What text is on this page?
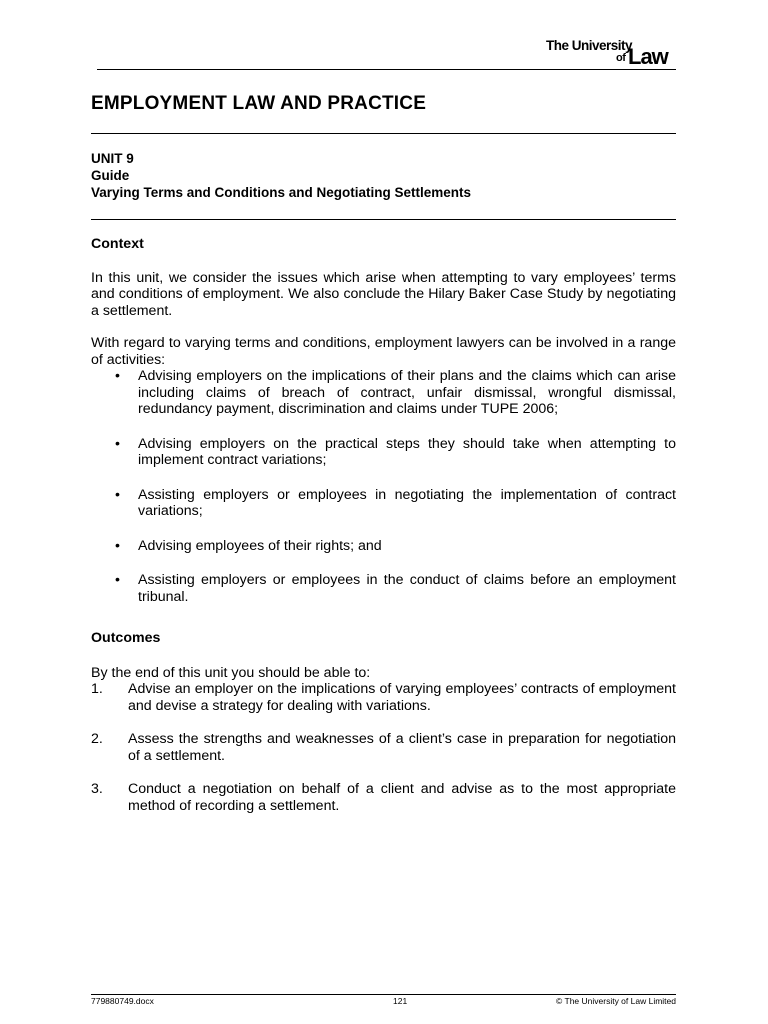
The University
of Law
EMPLOYMENT LAW AND PRACTICE
UNIT 9
Guide
Varying Terms and Conditions and Negotiating Settlements
Context

In this unit, we consider the issues which arise when attempting to vary employees’ terms and conditions of employment. We also conclude the Hilary Baker Case Study by negotiating a settlement.

With regard to varying terms and conditions, employment lawyers can be involved in a range of activities:

• Advising employers on the implications of their plans and the claims which can arise including claims of breach of contract, unfair dismissal, wrongful dismissal, redundancy payment, discrimination and claims under TUPE 2006;
• Advising employers on the practical steps they should take when attempting to implement contract variations;
• Assisting employers or employees in negotiating the implementation of contract variations;
• Advising employees of their rights; and
• Assisting employers or employees in the conduct of claims before an employment tribunal.
Outcomes

By the end of this unit you should be able to:

1. Advise an employer on the implications of varying employees’ contracts of employment and devise a strategy for dealing with variations.
2. Assess the strengths and weaknesses of a client’s case in preparation for negotiation of a settlement.
3. Conduct a negotiation on behalf of a client and advise as to the most appropriate method of recording a settlement.
779880749.docx	121	© The University of Law Limited
